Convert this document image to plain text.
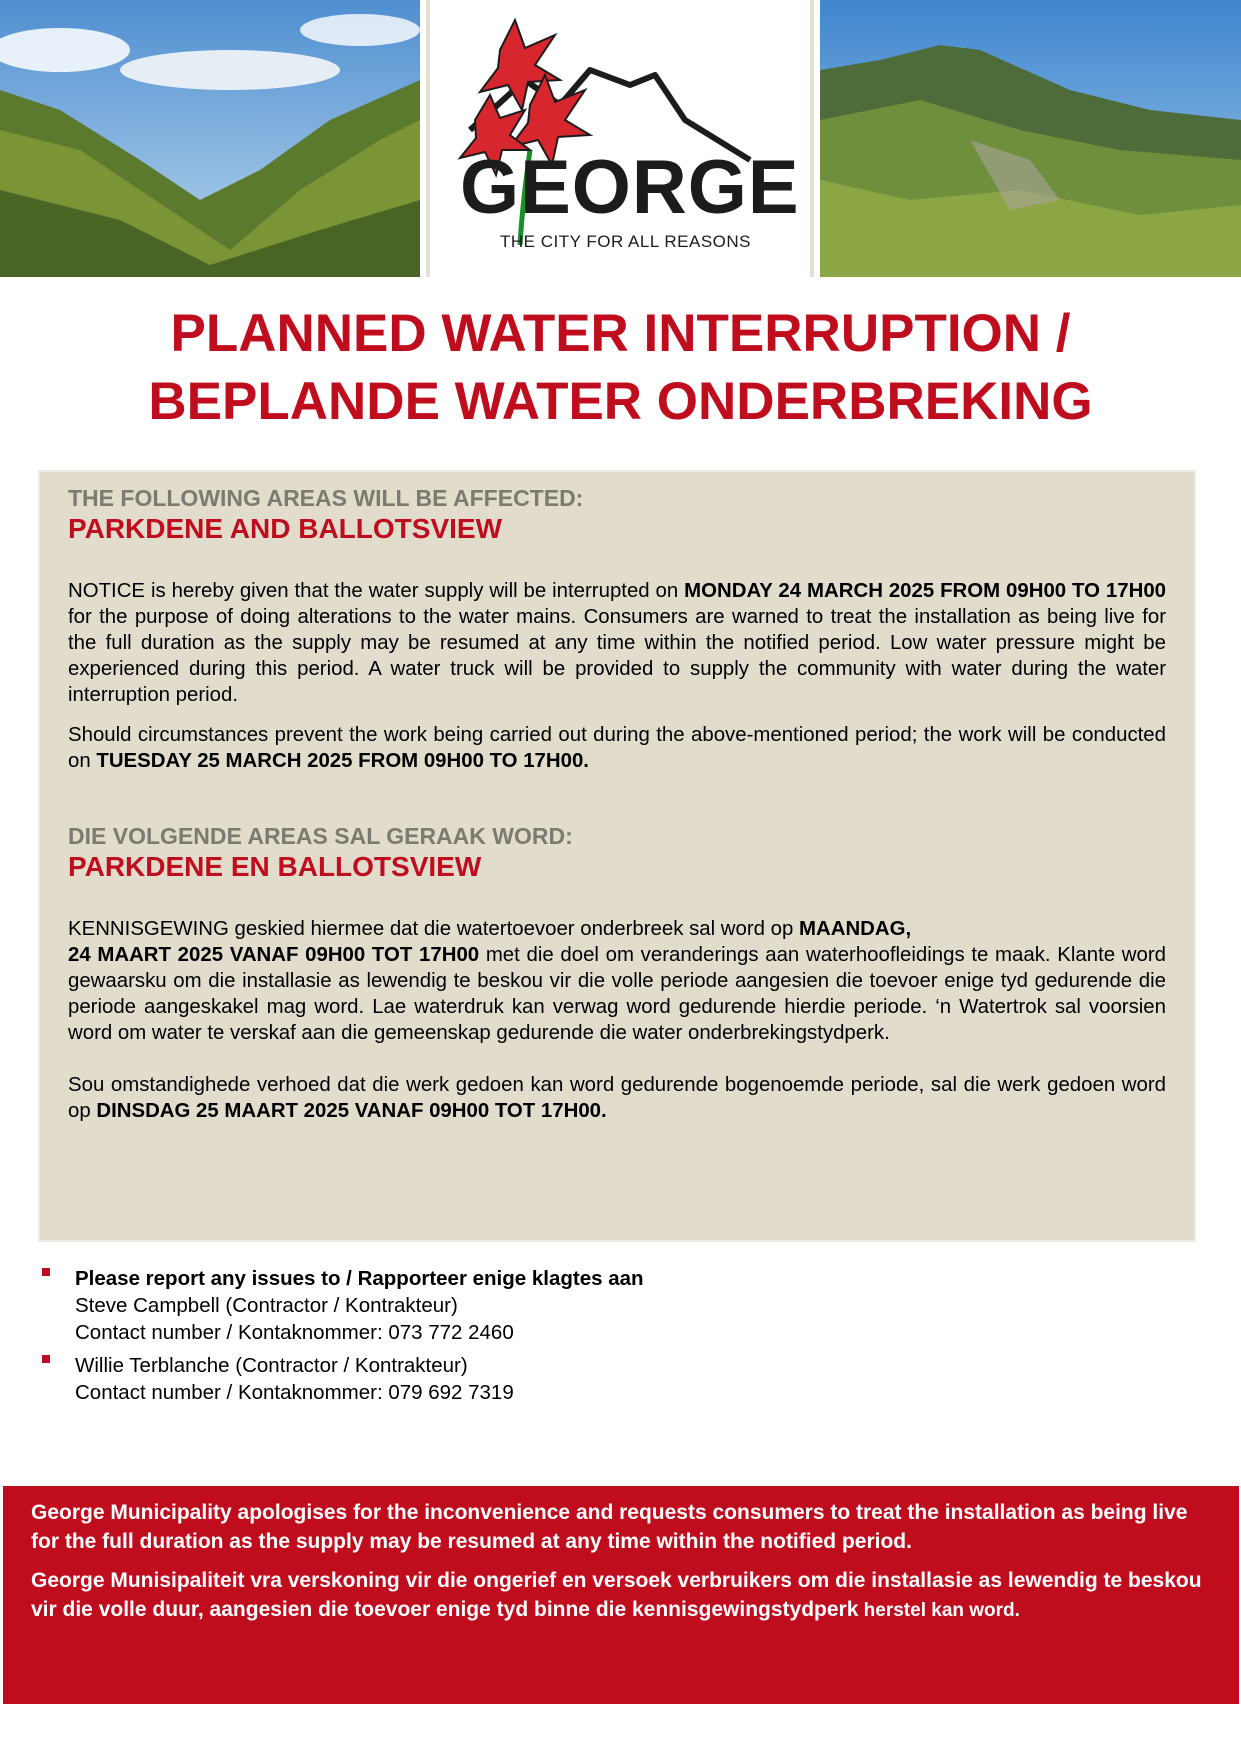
GEORGE
THE CITY FOR ALL REASONS
PLANNED WATER INTERRUPTION /
BEPLANDE WATER ONDERBREKING

THE FOLLOWING AREAS WILL BE AFFECTED:

PARKDENE AND BALLOTSVIEW

NOTICE is hereby given that the water supply will be interrupted on MONDAY 24 MARCH 2025 FROM 09H00 TO 17H00 for the purpose of doing alterations to the water mains. Consumers are warned to treat the installation as being live for the full duration as the supply may be resumed at any time within the notified period. Low water pressure might be experienced during this period. A water truck will be provided to supply the community with water during the water interruption period.

Should circumstances prevent the work being carried out during the above-mentioned period; the work will be conducted on TUESDAY 25 MARCH 2025 FROM 09H00 TO 17H00.

DIE VOLGENDE AREAS SAL GERAAK WORD:

PARKDENE EN BALLOTSVIEW

KENNISGEWING geskied hiermee dat die watertoevoer onderbreek sal word op MAANDAG,
24 MAART 2025 VANAF 09H00 TOT 17H00 met die doel om veranderings aan waterhoofleidings te maak. Klante word gewaarsku om die installasie as lewendig te beskou vir die volle periode aangesien die toevoer enige tyd gedurende die periode aangeskakel mag word. Lae waterdruk kan verwag word gedurende hierdie periode. ‘n Watertrok sal voorsien word om water te verskaf aan die gemeenskap gedurende die water onderbrekingstydperk.

Sou omstandighede verhoed dat die werk gedoen kan word gedurende bogenoemde periode, sal die werk gedoen word op DINSDAG 25 MAART 2025 VANAF 09H00 TOT 17H00.

Please report any issues to / Rapporteer enige klagtes aan
Steve Campbell (Contractor / Kontrakteur)
Contact number / Kontaknommer: 073 772 2460
Willie Terblanche (Contractor / Kontrakteur)
Contact number / Kontaknommer: 079 692 7319

George Municipality apologises for the inconvenience and requests consumers to treat the installation as being live for the full duration as the supply may be resumed at any time within the notified period.

George Munisipaliteit vra verskoning vir die ongerief en versoek verbruikers om die installasie as lewendig te beskou vir die volle duur, aangesien die toevoer enige tyd binne die kennisgewingstydperk herstel kan word.
